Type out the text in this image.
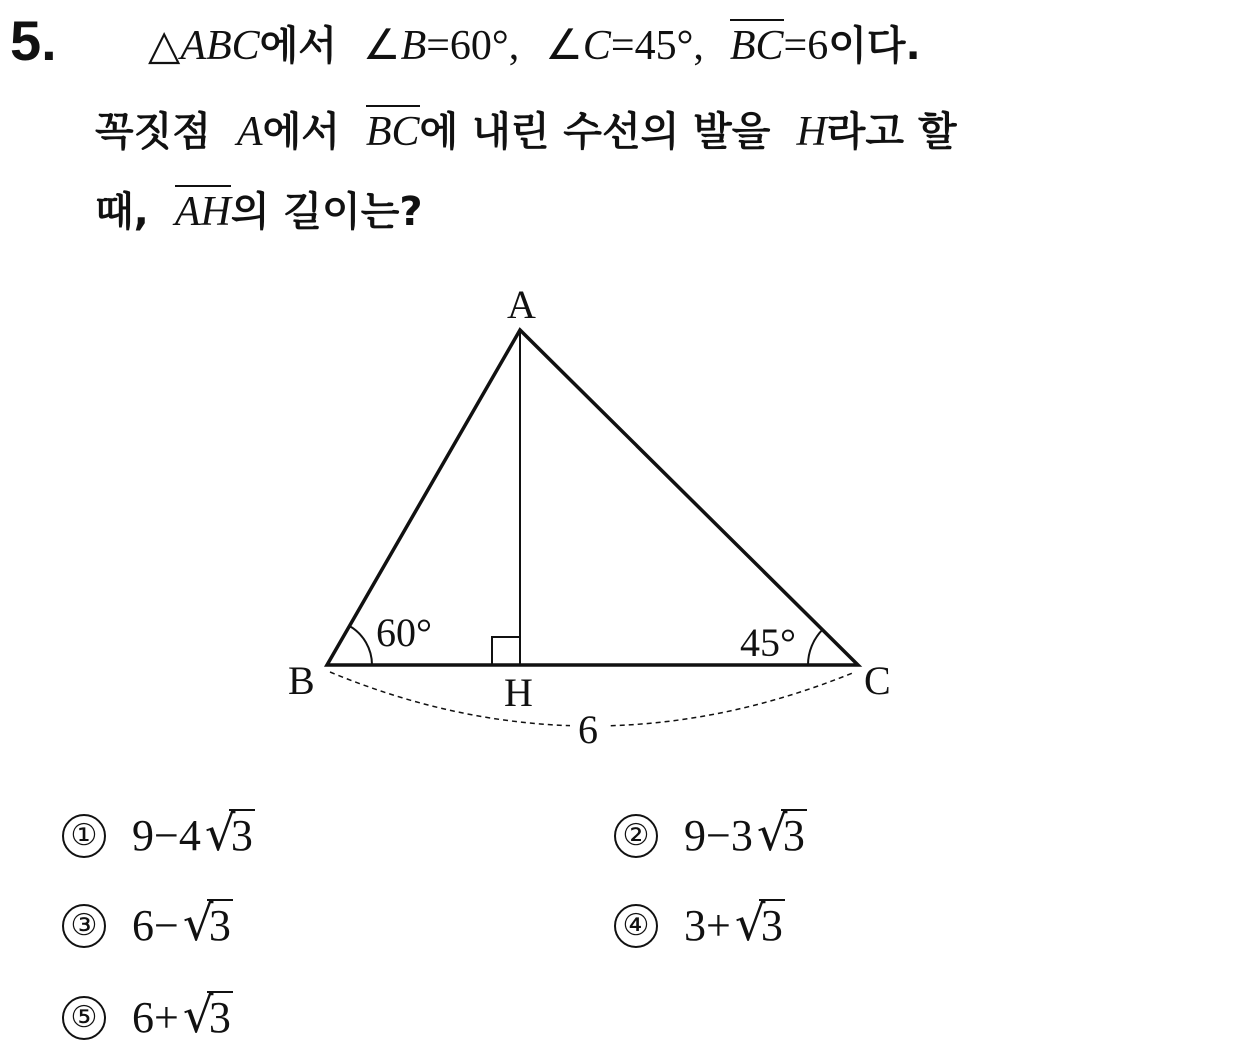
5. △ABC에서 ∠B=60°, ∠C=45°, BC=6이다.
꼭짓점 A에서 BC에 내린 수선의 발을 H라고 할
때, AH의 길이는?
A
B	C
H
60°	45°
6
① 9−4 √
3	② 9−3 √
3
③ 6− √
3	④ 3+ √
3
⑤ 6+ √
3
